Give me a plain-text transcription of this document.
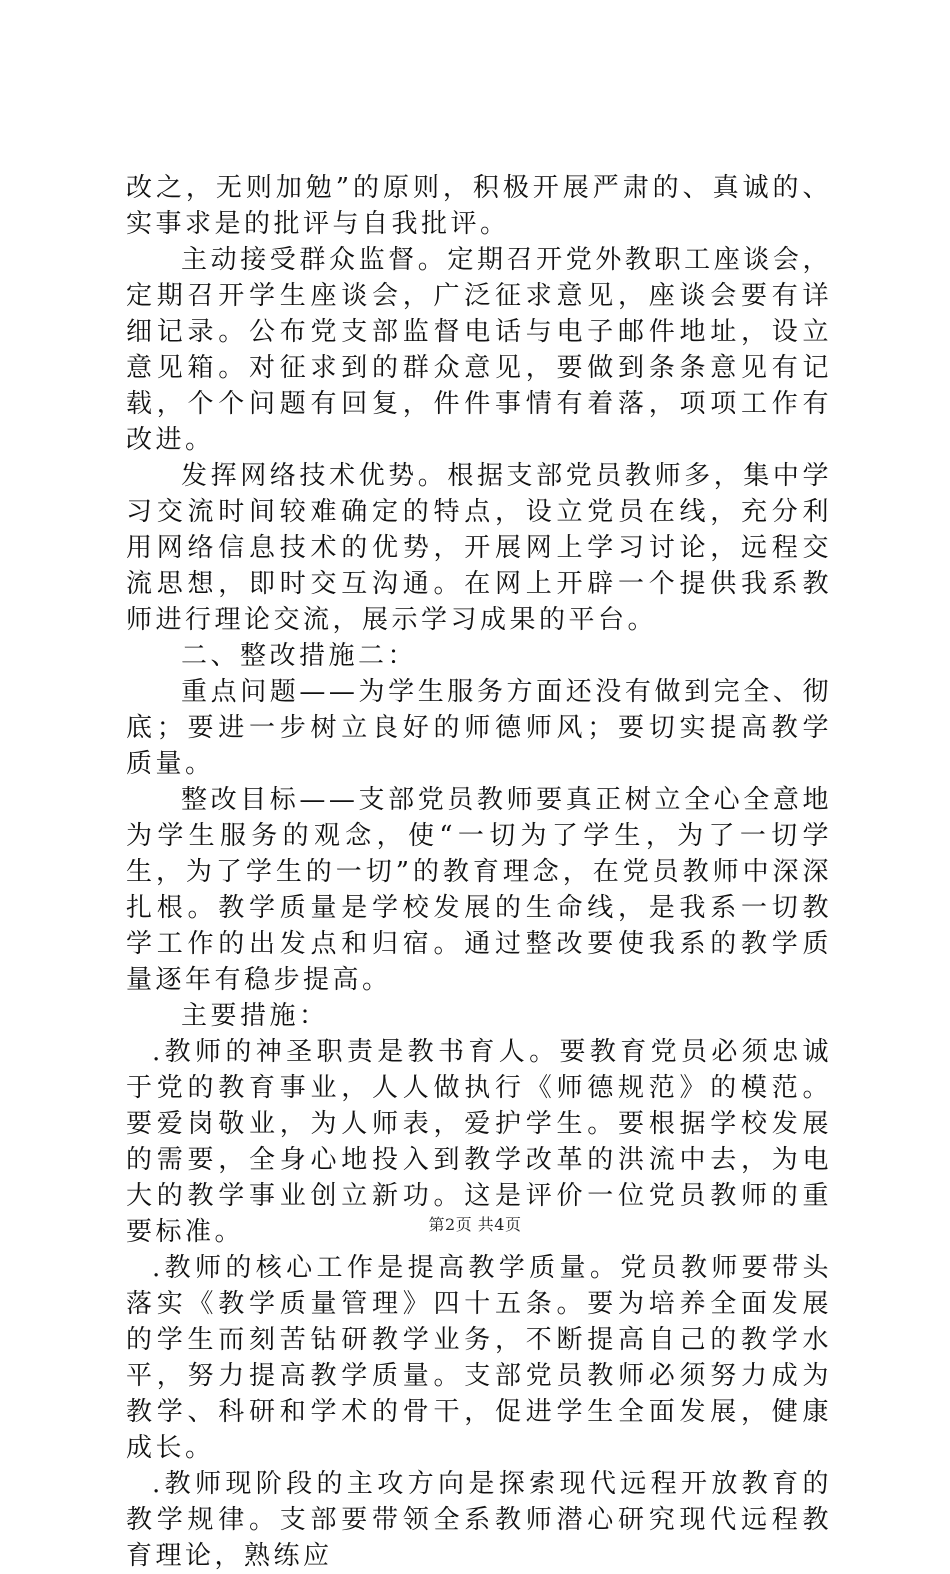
改之，无则加勉”的原则，积极开展严肃的、真诚的、实事求是的批评与自我批评。

主动接受群众监督。定期召开党外教职工座谈会，定期召开学生座谈会，广泛征求意见，座谈会要有详细记录。公布党支部监督电话与电子邮件地址，设立意见箱。对征求到的群众意见，要做到条条意见有记载，个个问题有回复，件件事情有着落，项项工作有改进。

发挥网络技术优势。根据支部党员教师多，集中学习交流时间较难确定的特点，设立党员在线，充分利用网络信息技术的优势，开展网上学习讨论，远程交流思想，即时交互沟通。在网上开辟一个提供我系教师进行理论交流，展示学习成果的平台。

二、整改措施二：

重点问题——为学生服务方面还没有做到完全、彻底；要进一步树立良好的师德师风；要切实提高教学质量。

整改目标——支部党员教师要真正树立全心全意地为学生服务的观念，使“一切为了学生，为了一切学生，为了学生的一切”的教育理念，在党员教师中深深扎根。教学质量是学校发展的生命线，是我系一切教学工作的出发点和归宿。通过整改要使我系的教学质量逐年有稳步提高。

主要措施：

.教师的神圣职责是教书育人。要教育党员必须忠诚于党的教育事业，人人做执行《师德规范》的模范。要爱岗敬业，为人师表，爱护学生。要根据学校发展的需要，全身心地投入到教学改革的洪流中去，为电大的教学事业创立新功。这是评价一位党员教师的重要标准。

.教师的核心工作是提高教学质量。党员教师要带头落实《教学质量管理》四十五条。要为培养全面发展的学生而刻苦钻研教学业务，不断提高自己的教学水平，努力提高教学质量。支部党员教师必须努力成为教学、科研和学术的骨干，促进学生全面发展，健康成长。

.教师现阶段的主攻方向是探索现代远程开放教育的教学规律。支部要带领全系教师潜心研究现代远程教育理论，熟练应

第2页 共4页
